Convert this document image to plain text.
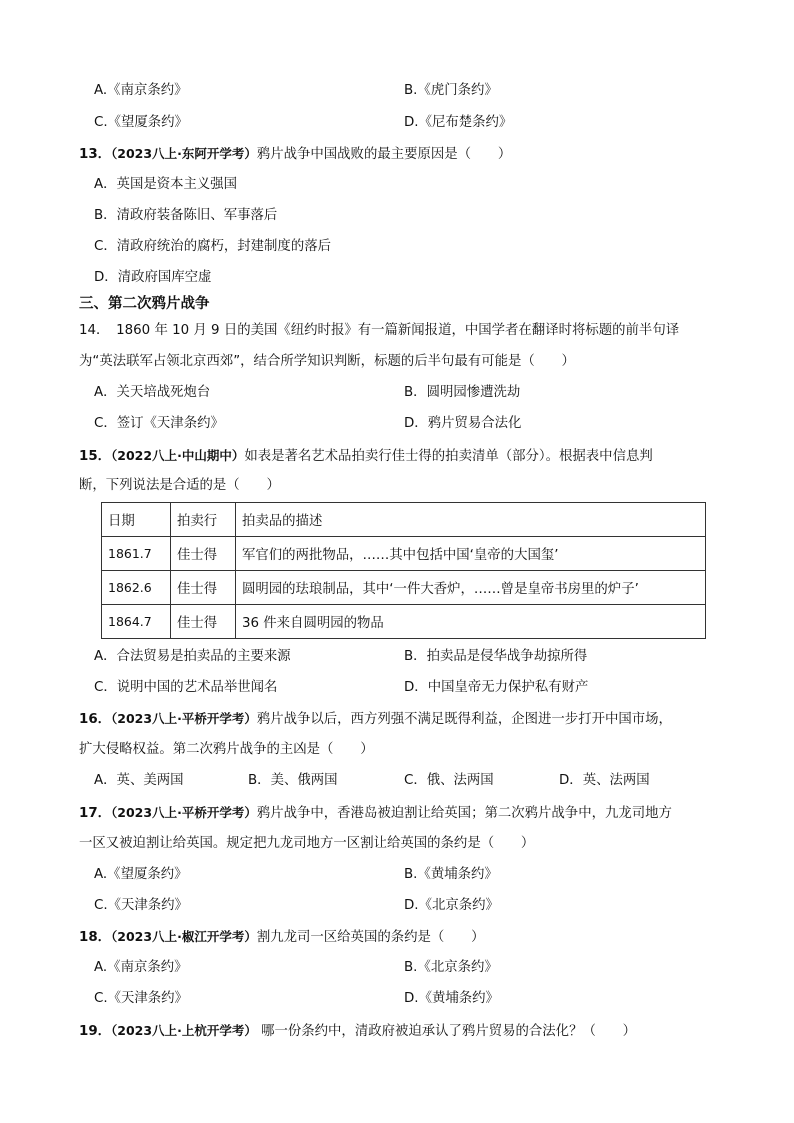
A.《南京条约》	B.《虎门条约》
C.《望厦条约》	D.《尼布楚条约》
13．（2023八上·东阿开学考）鸦片战争中国战败的最主要原因是（　　）
A．英国是资本主义强国
B．清政府装备陈旧、军事落后
C．清政府统治的腐朽，封建制度的落后
D．清政府国库空虚
三、第二次鸦片战争
14．　1860 年 10 月 9 日的美国《纽约时报》有一篇新闻报道，中国学者在翻译时将标题的前半句译
为“英法联军占领北京西郊”，结合所学知识判断，标题的后半句最有可能是（　　）
A．关天培战死炮台	B．圆明园惨遭洗劫
C．签订《天津条约》	D．鸦片贸易合法化
15．（2022八上·中山期中）如表是著名艺术品拍卖行佳士得的拍卖清单（部分）。根据表中信息判
断，下列说法是合适的是（　　）
日期	拍卖行	拍卖品的描述
1861.7	佳士得	军官们的两批物品，……其中包括中国‘皇帝的大国玺’
1862.6	佳士得	圆明园的珐琅制品，其中‘一件大香炉，……曾是皇帝书房里的炉子’
1864.7	佳士得	36 件来自圆明园的物品
A．合法贸易是拍卖品的主要来源	B．拍卖品是侵华战争劫掠所得
C．说明中国的艺术品举世闻名	D．中国皇帝无力保护私有财产
16．（2023八上·平桥开学考）鸦片战争以后，西方列强不满足既得利益，企图进一步打开中国市场，
扩大侵略权益。第二次鸦片战争的主凶是（　　）
A．英、美两国	B．美、俄两国	C．俄、法两国	D．英、法两国
17．（2023八上·平桥开学考）鸦片战争中，香港岛被迫割让给英国；第二次鸦片战争中，九龙司地方
一区又被迫割让给英国。规定把九龙司地方一区割让给英国的条约是（　　）
A.《望厦条约》	B.《黄埔条约》
C.《天津条约》	D.《北京条约》
18．（2023八上·椒江开学考）割九龙司一区给英国的条约是（　　）
A.《南京条约》	B.《北京条约》
C.《天津条约》	D.《黄埔条约》
19．（2023八上·上杭开学考） 哪一份条约中，清政府被迫承认了鸦片贸易的合法化？（　　）
